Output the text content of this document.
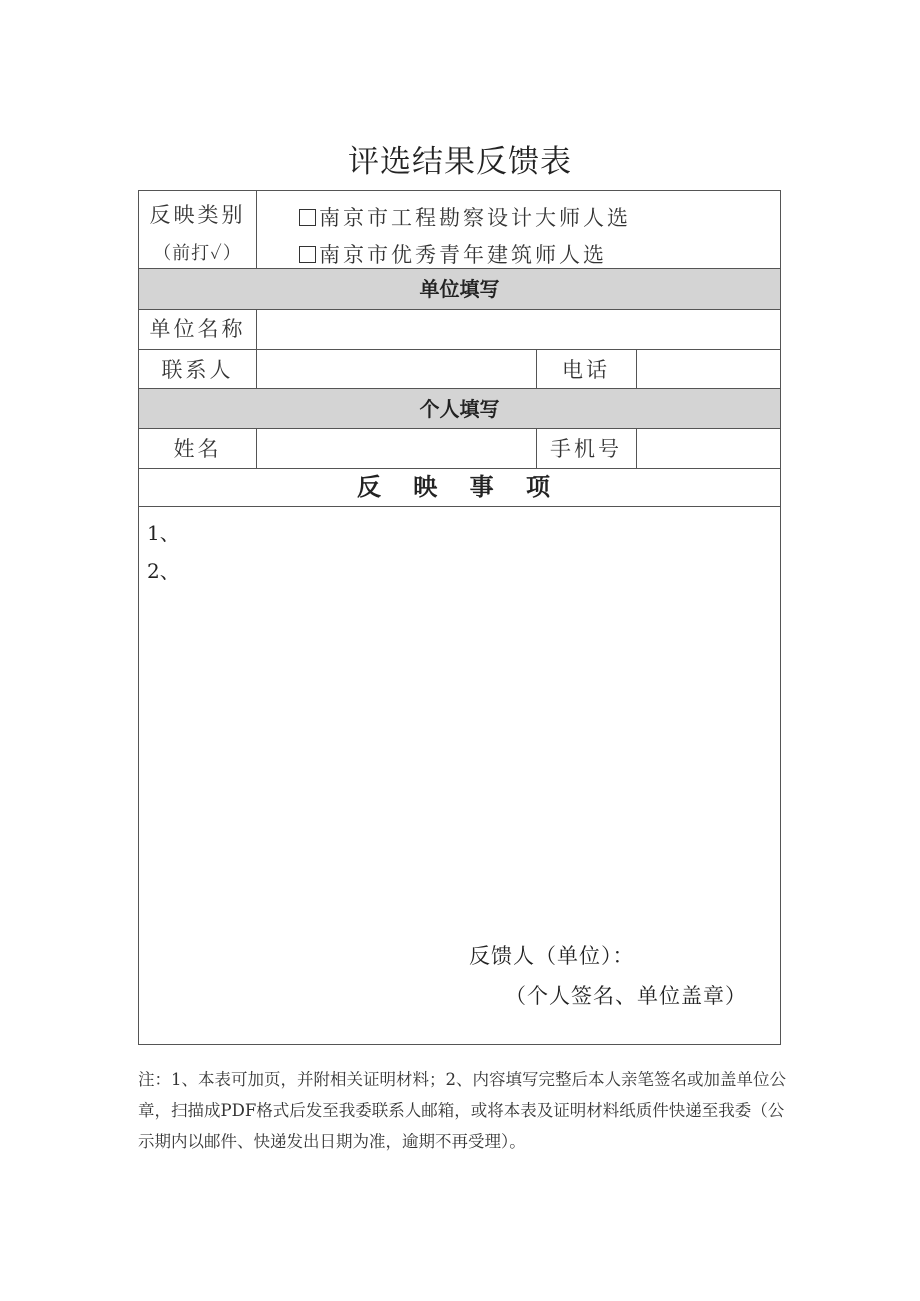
评选结果反馈表
反映类别
（前打✓）
南京市工程勘察设计大师人选
南京市优秀青年建筑师人选
单位填写
单位名称
联系人	电话
个人填写
姓名	手机号
反 映 事 项
1、
2、
反馈人（单位）：
（个人签名、单位盖章）
注：1、本表可加页，并附相关证明材料；2、内容填写完整后本人亲笔签名或加盖单位公章，扫描成PDF格式后发至我委联系人邮箱，或将本表及证明材料纸质件快递至我委（公示期内以邮件、快递发出日期为准，逾期不再受理）。
